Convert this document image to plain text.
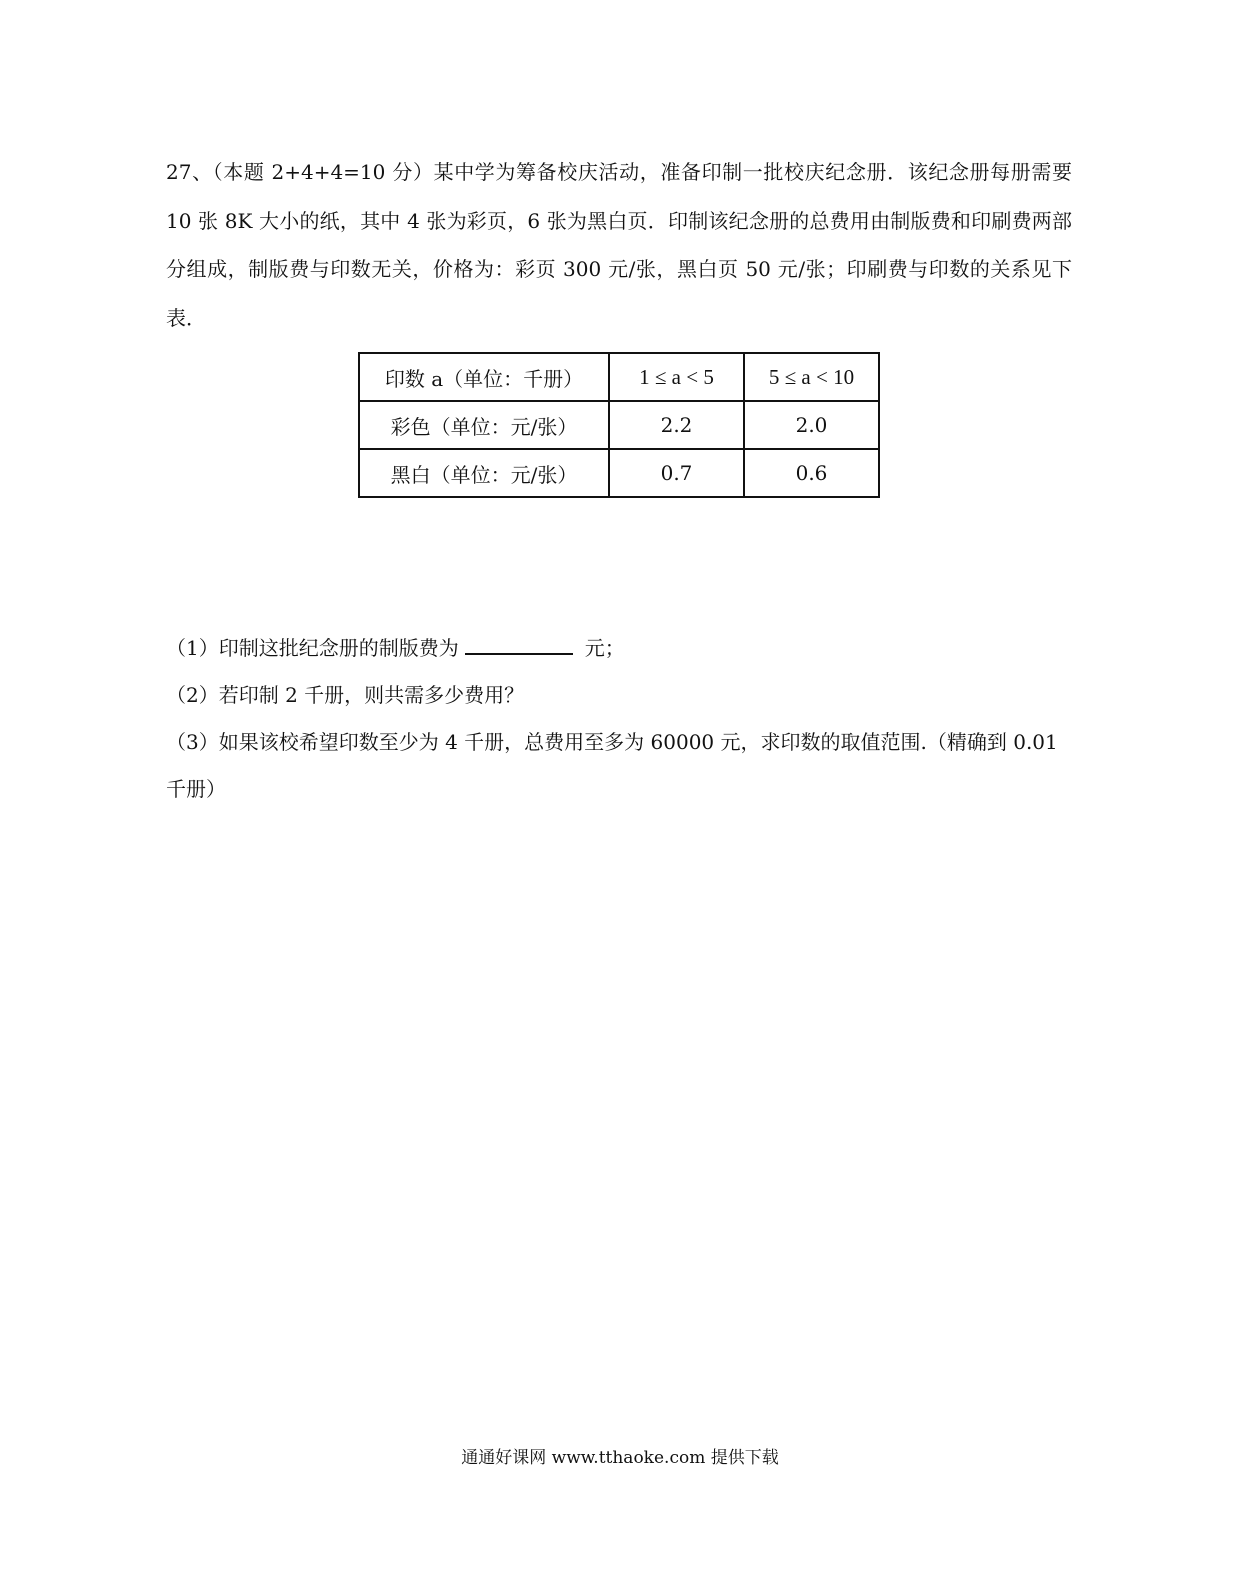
27、（本题 2+4+4=10 分）某中学为筹备校庆活动，准备印制一批校庆纪念册．该纪念册每册需要 10 张 8K 大小的纸，其中 4 张为彩页，6 张为黑白页．印制该纪念册的总费用由制版费和印刷费两部分组成，制版费与印数无关，价格为：彩页 300 元/张，黑白页 50 元/张；印刷费与印数的关系见下表．

印数 a（单位：千册）	1 ≤ a < 5	5 ≤ a < 10
彩色（单位：元/张）	2.2	2.0
黑白（单位：元/张）	0.7	0.6

（1）印制这批纪念册的制版费为	元；

（2）若印制 2 千册，则共需多少费用？

（3）如果该校希望印数至少为 4 千册，总费用至多为 60000 元，求印数的取值范围.（精确到 0.01 千册）

通通好课网 www.tthaoke.com 提供下载
